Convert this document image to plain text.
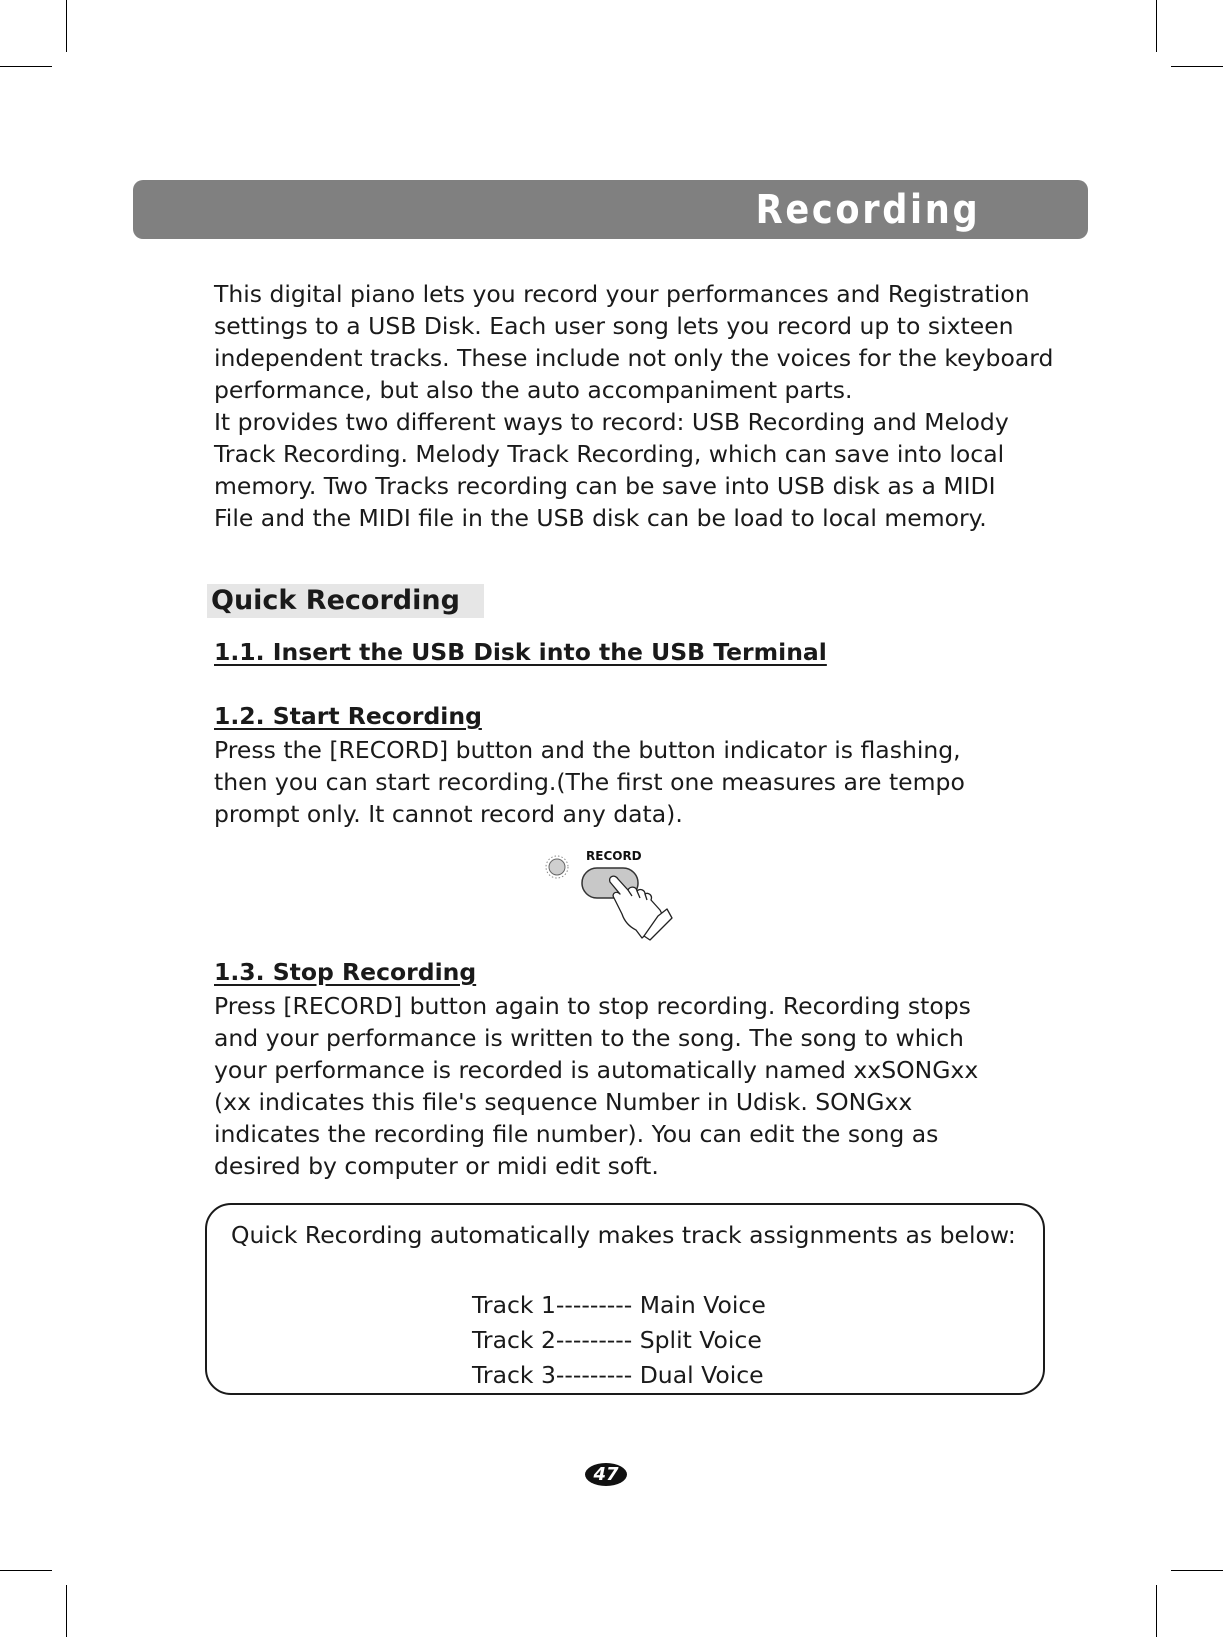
Recording
This digital piano lets you record your performances and Registration
settings to a USB Disk. Each user song lets you record up to sixteen
independent tracks. These include not only the voices for the keyboard
performance, but also the auto accompaniment parts.
It provides two different ways to record: USB Recording and Melody
Track Recording. Melody Track Recording, which can save into local
memory. Two Tracks recording can be save into USB disk as a MIDI
File and the MIDI file in the USB disk can be load to local memory.
Quick Recording
1.1. Insert the USB Disk into the USB Terminal
1.2. Start Recording
Press the [RECORD] button and the button indicator is flashing,
then you can start recording.(The first one measures are tempo
prompt only. It cannot record any data).
RECORD
1.3. Stop Recording
Press [RECORD] button again to stop recording. Recording stops
and your performance is written to the song. The song to which
your performance is recorded is automatically named xxSONGxx
(xx indicates this file's sequence Number in Udisk. SONGxx
indicates the recording file number). You can edit the song as
desired by computer or midi edit soft.
Quick Recording automatically makes track assignments as below:
Track 1--------- Main Voice
Track 2--------- Split Voice
Track 3--------- Dual Voice
47
